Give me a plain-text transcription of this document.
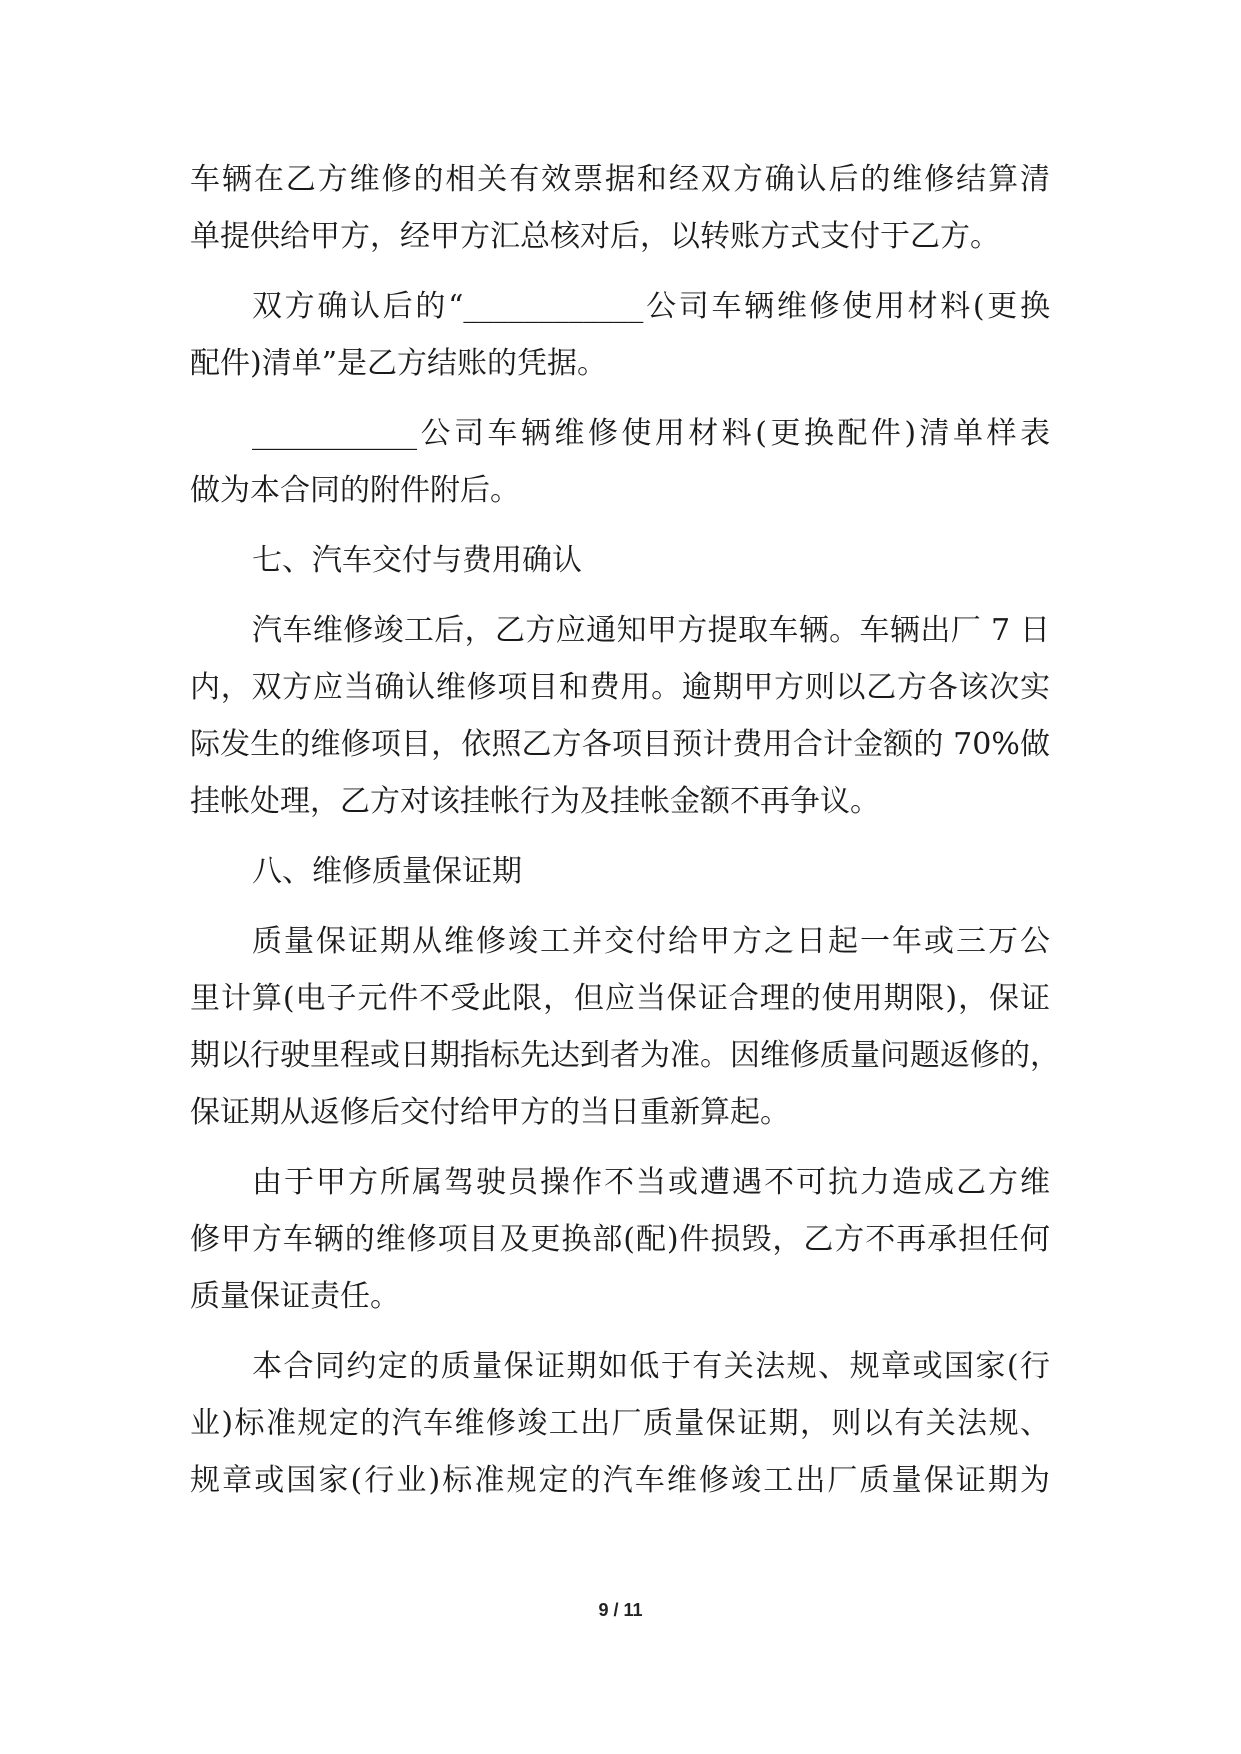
车辆在乙方维修的相关有效票据和经双方确认后的维修结算清
单提供给甲方，经甲方汇总核对后，以转账方式支付于乙方。
双方确认后的“____________公司车辆维修使用材料(更换
配件)清单”是乙方结账的凭据。
___________公司车辆维修使用材料(更换配件)清单样表
做为本合同的附件附后。
七、汽车交付与费用确认
汽车维修竣工后，乙方应通知甲方提取车辆。车辆出厂 7 日
内，双方应当确认维修项目和费用。逾期甲方则以乙方各该次实
际发生的维修项目，依照乙方各项目预计费用合计金额的 70%做
挂帐处理，乙方对该挂帐行为及挂帐金额不再争议。
八、维修质量保证期
质量保证期从维修竣工并交付给甲方之日起一年或三万公
里计算(电子元件不受此限，但应当保证合理的使用期限)，保证
期以行驶里程或日期指标先达到者为准。因维修质量问题返修的，
保证期从返修后交付给甲方的当日重新算起。
由于甲方所属驾驶员操作不当或遭遇不可抗力造成乙方维
修甲方车辆的维修项目及更换部(配)件损毁，乙方不再承担任何
质量保证责任。
本合同约定的质量保证期如低于有关法规、规章或国家(行
业)标准规定的汽车维修竣工出厂质量保证期，则以有关法规、
规章或国家(行业)标准规定的汽车维修竣工出厂质量保证期为
9 / 11
